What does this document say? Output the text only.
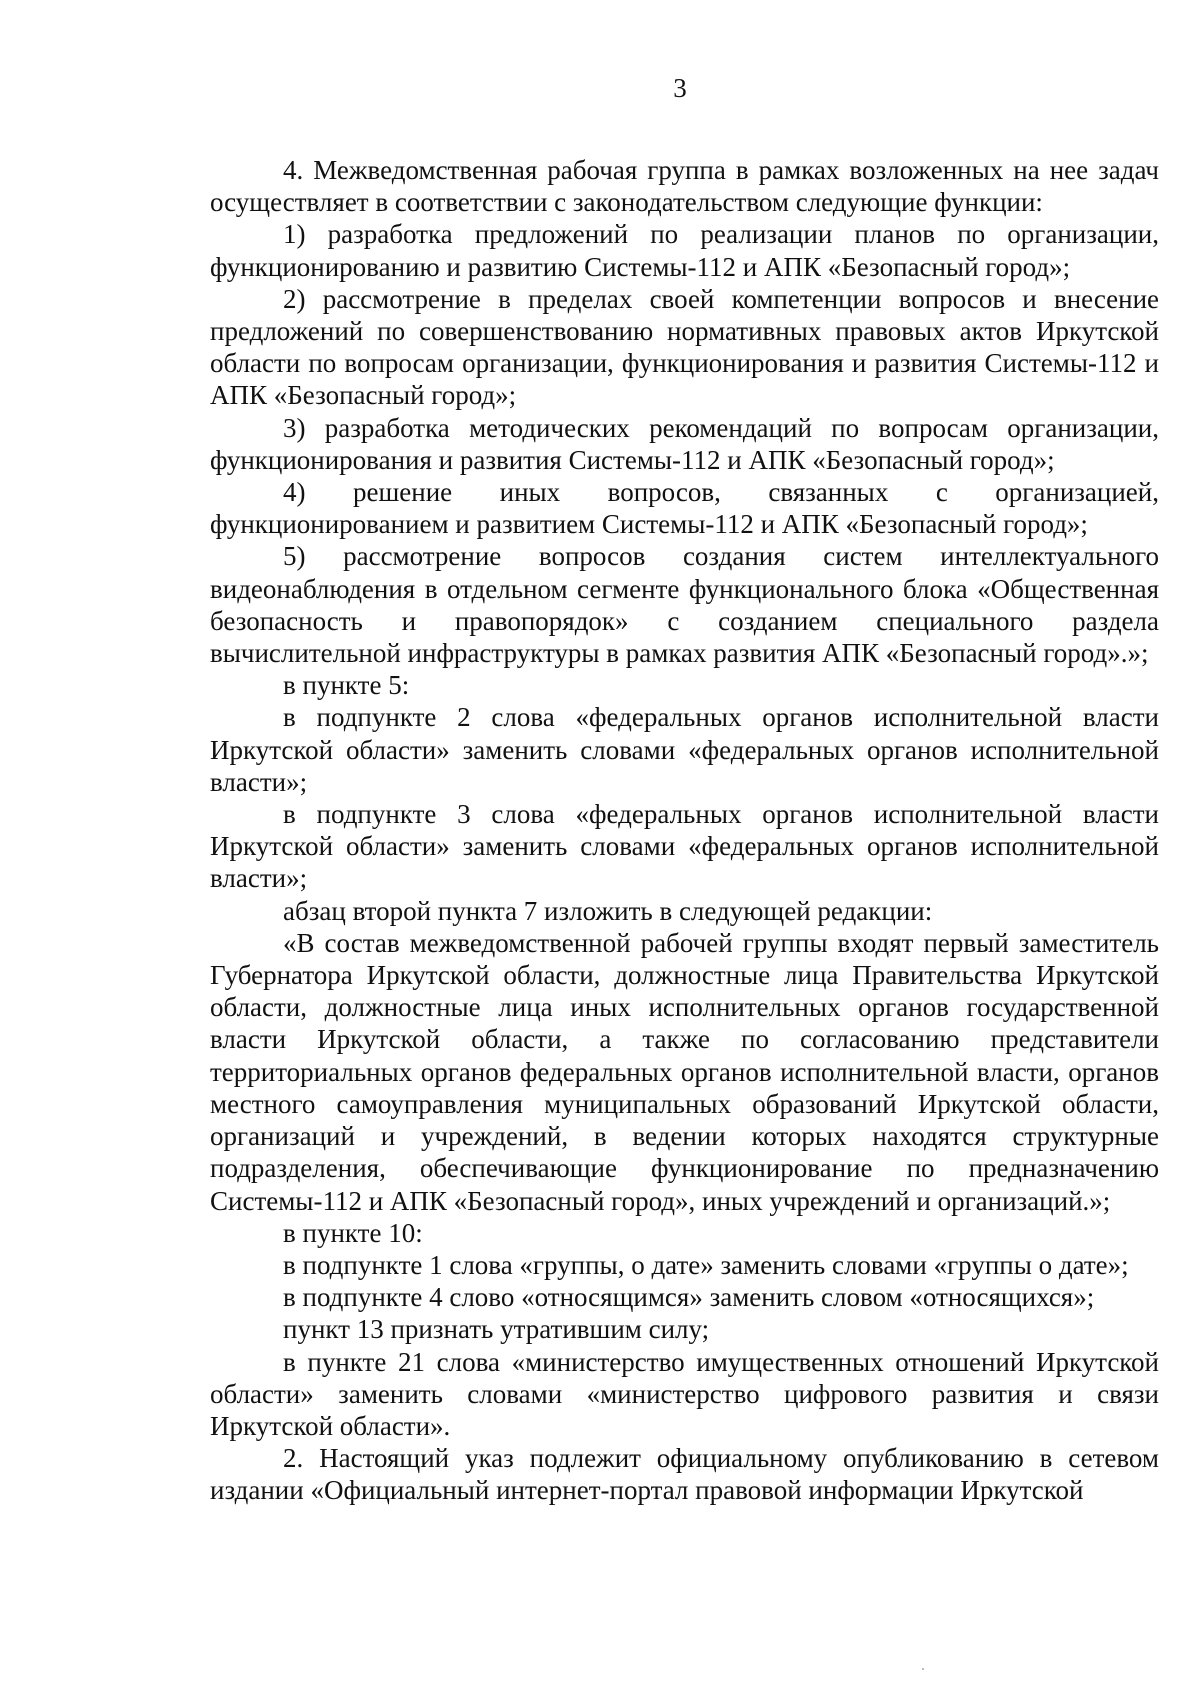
3

4. Межведомственная рабочая группа в рамках возложенных на нее задач осуществляет в соответствии с законодательством следующие функции:

1) разработка предложений по реализации планов по организации, функционированию и развитию Системы-112 и АПК «Безопасный город»;

2) рассмотрение в пределах своей компетенции вопросов и внесение предложений по совершенствованию нормативных правовых актов Иркутской области по вопросам организации, функционирования и развития Системы-112 и АПК «Безопасный город»;

3) разработка методических рекомендаций по вопросам организации, функционирования и развития Системы-112 и АПК «Безопасный город»;

4) решение иных вопросов, связанных с организацией, функционированием и развитием Системы-112 и АПК «Безопасный город»;

5) рассмотрение вопросов создания систем интеллектуального видеонаблюдения в отдельном сегменте функционального блока «Общественная безопасность и правопорядок» с созданием специального раздела вычислительной инфраструктуры в рамках развития АПК «Безопасный город».»;

в пункте 5:

в подпункте 2 слова «федеральных органов исполнительной власти Иркутской области» заменить словами «федеральных органов исполнительной власти»;

в подпункте 3 слова «федеральных органов исполнительной власти Иркутской области» заменить словами «федеральных органов исполнительной власти»;

абзац второй пункта 7 изложить в следующей редакции:

«В состав межведомственной рабочей группы входят первый заместитель Губернатора Иркутской области, должностные лица Правительства Иркутской области, должностные лица иных исполнительных органов государственной власти Иркутской области, а также по согласованию представители территориальных органов федеральных органов исполнительной власти, органов местного самоуправления муниципальных образований Иркутской области, организаций и учреждений, в ведении которых находятся структурные подразделения, обеспечивающие функционирование по предназначению Системы-112 и АПК «Безопасный город», иных учреждений и организаций.»;

в пункте 10:

в подпункте 1 слова «группы, о дате» заменить словами «группы о дате»;

в подпункте 4 слово «относящимся» заменить словом «относящихся»;

пункт 13 признать утратившим силу;

в пункте 21 слова «министерство имущественных отношений Иркутской области» заменить словами «министерство цифрового развития и связи Иркутской области».

2. Настоящий указ подлежит официальному опубликованию в сетевом издании «Официальный интернет-портал правовой информации Иркутской
